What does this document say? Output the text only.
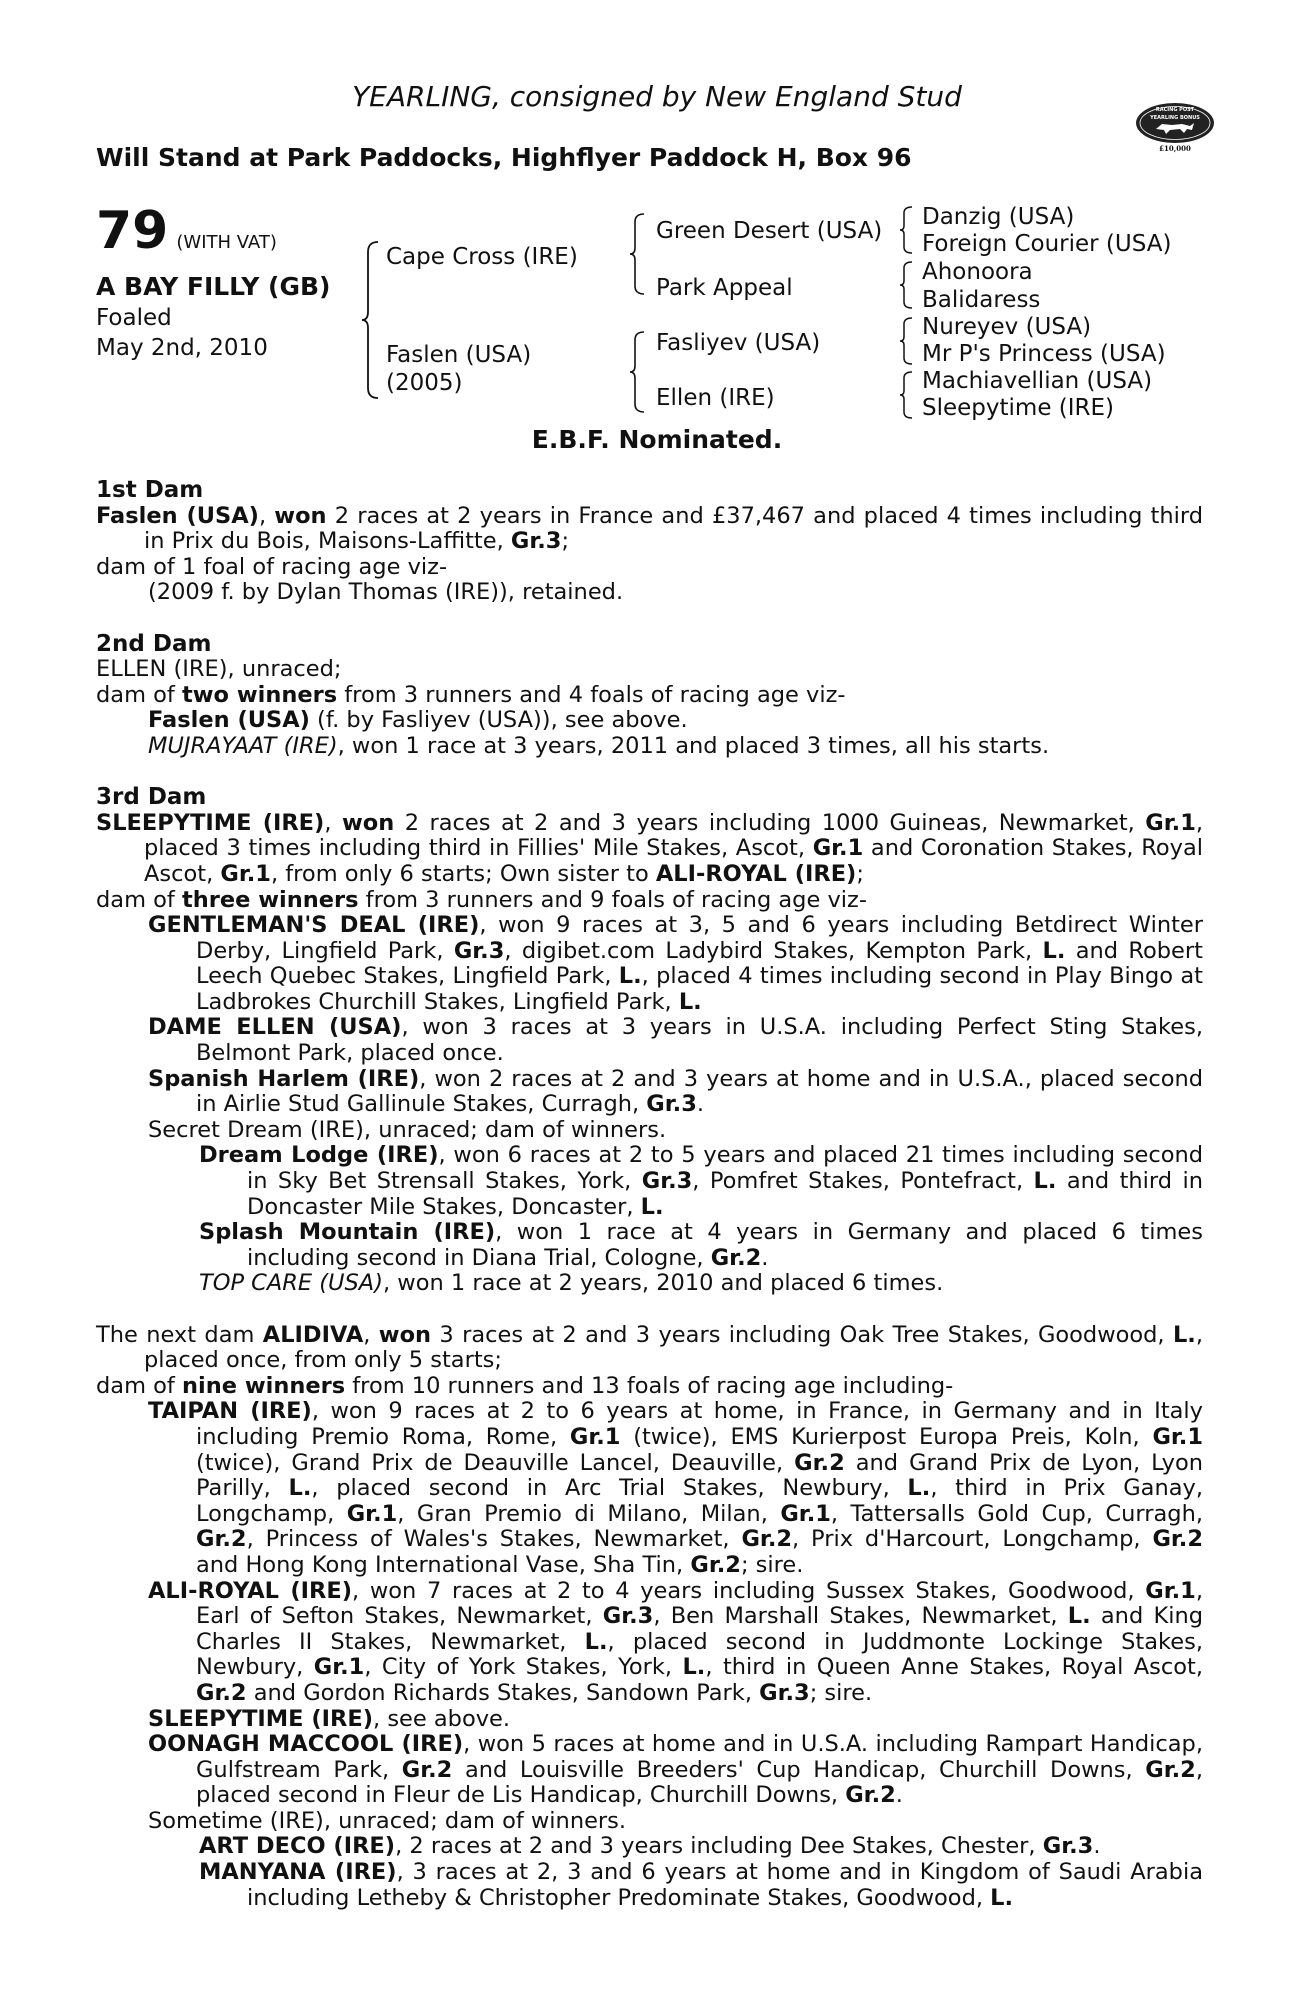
YEARLING, consigned by New England Stud
Will Stand at Park Paddocks, Highflyer Paddock H, Box 96
RACING POST
YEARLING BONUS
£10,000
79 (WITH VAT)
A BAY FILLY (GB)
Foaled
May 2nd, 2010
Cape Cross (IRE)
Faslen (USA)
(2005)
Green Desert (USA)
Park Appeal
Fasliyev (USA)
Ellen (IRE)
Danzig (USA)
Foreign Courier (USA)
Ahonoora
Balidaress
Nureyev (USA)
Mr P's Princess (USA)
Machiavellian (USA)
Sleepytime (IRE)
E.B.F. Nominated.
1st Dam
Faslen (USA), won 2 races at 2 years in France and £37,467 and placed 4 times including third in Prix du Bois, Maisons-Laffitte, Gr.3;
dam of 1 foal of racing age viz-
(2009 f. by Dylan Thomas (IRE)), retained.
2nd Dam
ELLEN (IRE), unraced;
dam of two winners from 3 runners and 4 foals of racing age viz-
Faslen (USA) (f. by Fasliyev (USA)), see above.
MUJRAYAAT (IRE), won 1 race at 3 years, 2011 and placed 3 times, all his starts.
3rd Dam
SLEEPYTIME (IRE), won 2 races at 2 and 3 years including 1000 Guineas, Newmarket, Gr.1, placed 3 times including third in Fillies' Mile Stakes, Ascot, Gr.1 and Coronation Stakes, Royal Ascot, Gr.1, from only 6 starts; Own sister to ALI-ROYAL (IRE);
dam of three winners from 3 runners and 9 foals of racing age viz-
GENTLEMAN'S DEAL (IRE), won 9 races at 3, 5 and 6 years including Betdirect Winter Derby, Lingfield Park, Gr.3, digibet.com Ladybird Stakes, Kempton Park, L. and Robert Leech Quebec Stakes, Lingfield Park, L., placed 4 times including second in Play Bingo at Ladbrokes Churchill Stakes, Lingfield Park, L.
DAME ELLEN (USA), won 3 races at 3 years in U.S.A. including Perfect Sting Stakes, Belmont Park, placed once.
Spanish Harlem (IRE), won 2 races at 2 and 3 years at home and in U.S.A., placed second in Airlie Stud Gallinule Stakes, Curragh, Gr.3.
Secret Dream (IRE), unraced; dam of winners.
Dream Lodge (IRE), won 6 races at 2 to 5 years and placed 21 times including second in Sky Bet Strensall Stakes, York, Gr.3, Pomfret Stakes, Pontefract, L. and third in Doncaster Mile Stakes, Doncaster, L.
Splash Mountain (IRE), won 1 race at 4 years in Germany and placed 6 times including second in Diana Trial, Cologne, Gr.2.
TOP CARE (USA), won 1 race at 2 years, 2010 and placed 6 times.
The next dam ALIDIVA, won 3 races at 2 and 3 years including Oak Tree Stakes, Goodwood, L., placed once, from only 5 starts;
dam of nine winners from 10 runners and 13 foals of racing age including-
TAIPAN (IRE), won 9 races at 2 to 6 years at home, in France, in Germany and in Italy including Premio Roma, Rome, Gr.1 (twice), EMS Kurierpost Europa Preis, Koln, Gr.1 (twice), Grand Prix de Deauville Lancel, Deauville, Gr.2 and Grand Prix de Lyon, Lyon Parilly, L., placed second in Arc Trial Stakes, Newbury, L., third in Prix Ganay, Longchamp, Gr.1, Gran Premio di Milano, Milan, Gr.1, Tattersalls Gold Cup, Curragh, Gr.2, Princess of Wales's Stakes, Newmarket, Gr.2, Prix d'Harcourt, Longchamp, Gr.2 and Hong Kong International Vase, Sha Tin, Gr.2; sire.
ALI-ROYAL (IRE), won 7 races at 2 to 4 years including Sussex Stakes, Goodwood, Gr.1, Earl of Sefton Stakes, Newmarket, Gr.3, Ben Marshall Stakes, Newmarket, L. and King Charles II Stakes, Newmarket, L., placed second in Juddmonte Lockinge Stakes, Newbury, Gr.1, City of York Stakes, York, L., third in Queen Anne Stakes, Royal Ascot, Gr.2 and Gordon Richards Stakes, Sandown Park, Gr.3; sire.
SLEEPYTIME (IRE), see above.
OONAGH MACCOOL (IRE), won 5 races at home and in U.S.A. including Rampart Handicap, Gulfstream Park, Gr.2 and Louisville Breeders' Cup Handicap, Churchill Downs, Gr.2, placed second in Fleur de Lis Handicap, Churchill Downs, Gr.2.
Sometime (IRE), unraced; dam of winners.
ART DECO (IRE), 2 races at 2 and 3 years including Dee Stakes, Chester, Gr.3.
MANYANA (IRE), 3 races at 2, 3 and 6 years at home and in Kingdom of Saudi Arabia including Letheby & Christopher Predominate Stakes, Goodwood, L.
